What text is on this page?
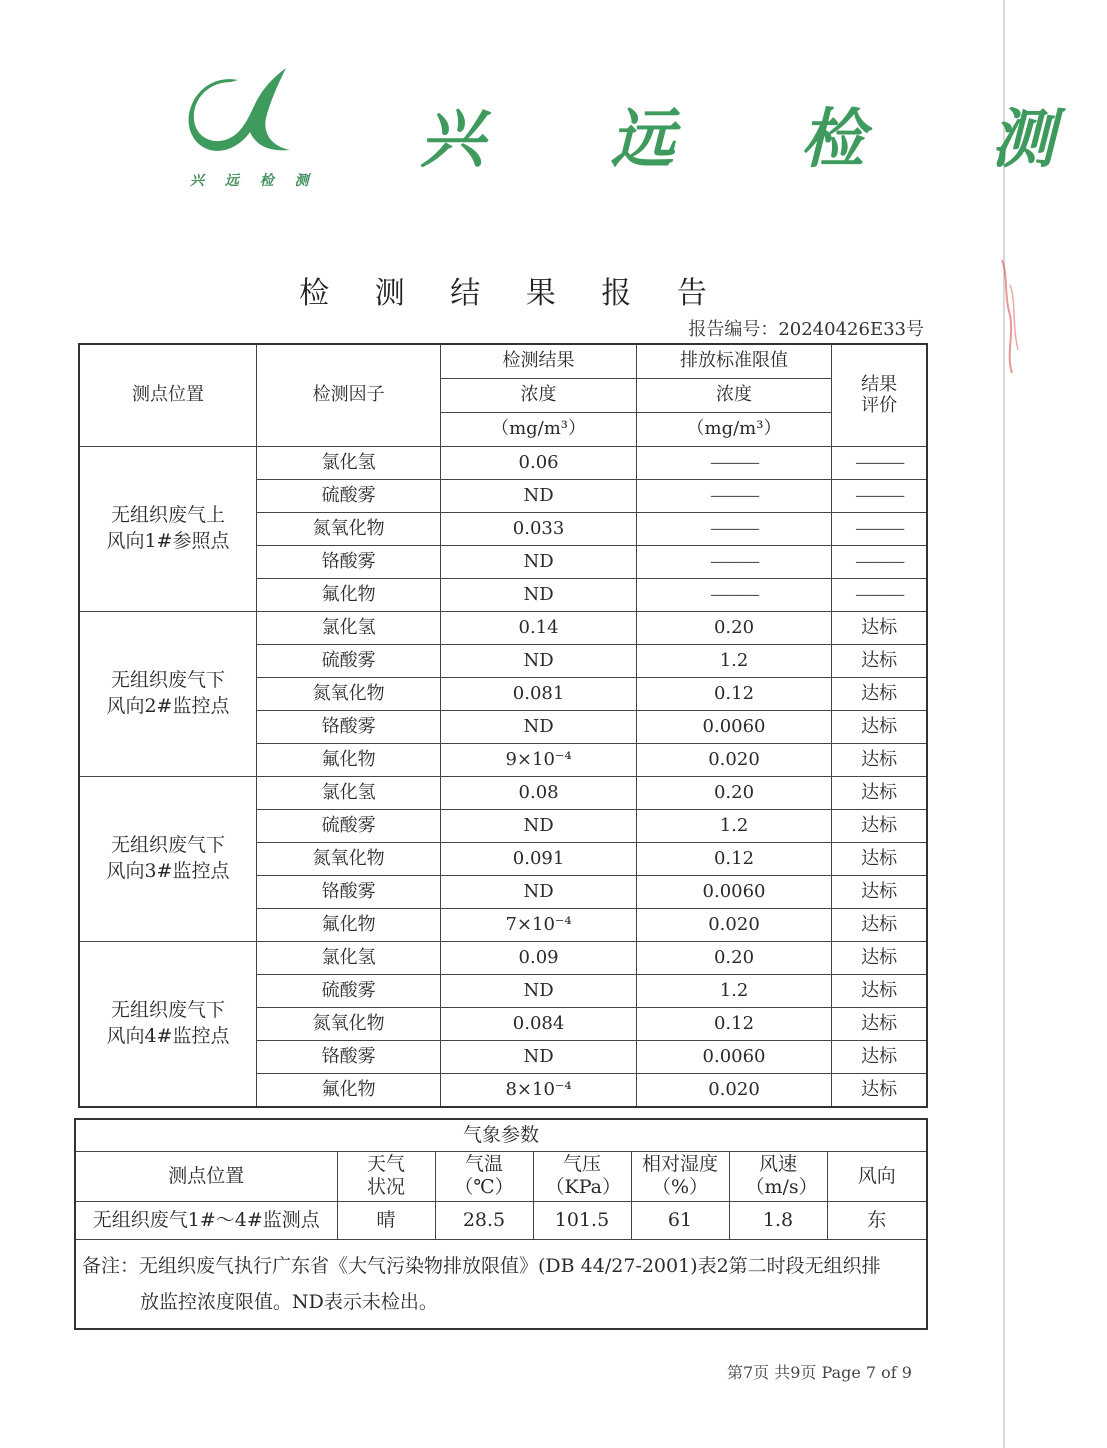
兴 远 检 测
兴 远 检 测
检 测 结 果 报 告
报告编号：20240426E33号
测点位置	检测因子	检测结果	排放标准限值	结果评价
		浓度	浓度	
		（mg/m³）	（mg/m³）	
无组织废气上风向1#参照点	氯化氢	0.06	———	———
	硫酸雾	ND	———	———
	氮氧化物	0.033	———	———
	铬酸雾	ND	———	———
	氟化物	ND	———	———
无组织废气下风向2#监控点	氯化氢	0.14	0.20	达标
	硫酸雾	ND	1.2	达标
	氮氧化物	0.081	0.12	达标
	铬酸雾	ND	0.0060	达标
	氟化物	9×10⁻⁴	0.020	达标
无组织废气下风向3#监控点	氯化氢	0.08	0.20	达标
	硫酸雾	ND	1.2	达标
	氮氧化物	0.091	0.12	达标
	铬酸雾	ND	0.0060	达标
	氟化物	7×10⁻⁴	0.020	达标
无组织废气下风向4#监控点	氯化氢	0.09	0.20	达标
	硫酸雾	ND	1.2	达标
	氮氧化物	0.084	0.12	达标
	铬酸雾	ND	0.0060	达标
	氟化物	8×10⁻⁴	0.020	达标
气象参数						
测点位置	天气状况	气温（℃）	气压（KPa）	相对湿度（%）	风速（m/s）	风向
无组织废气1#～4#监测点	晴	28.5	101.5	61	1.8	东
备注：无组织废气执行广东省《大气污染物排放限值》(DB 44/27-2001)表2第二时段无组织排
放监控浓度限值。ND表示未检出。						
第7页 共9页 Page 7 of 9
